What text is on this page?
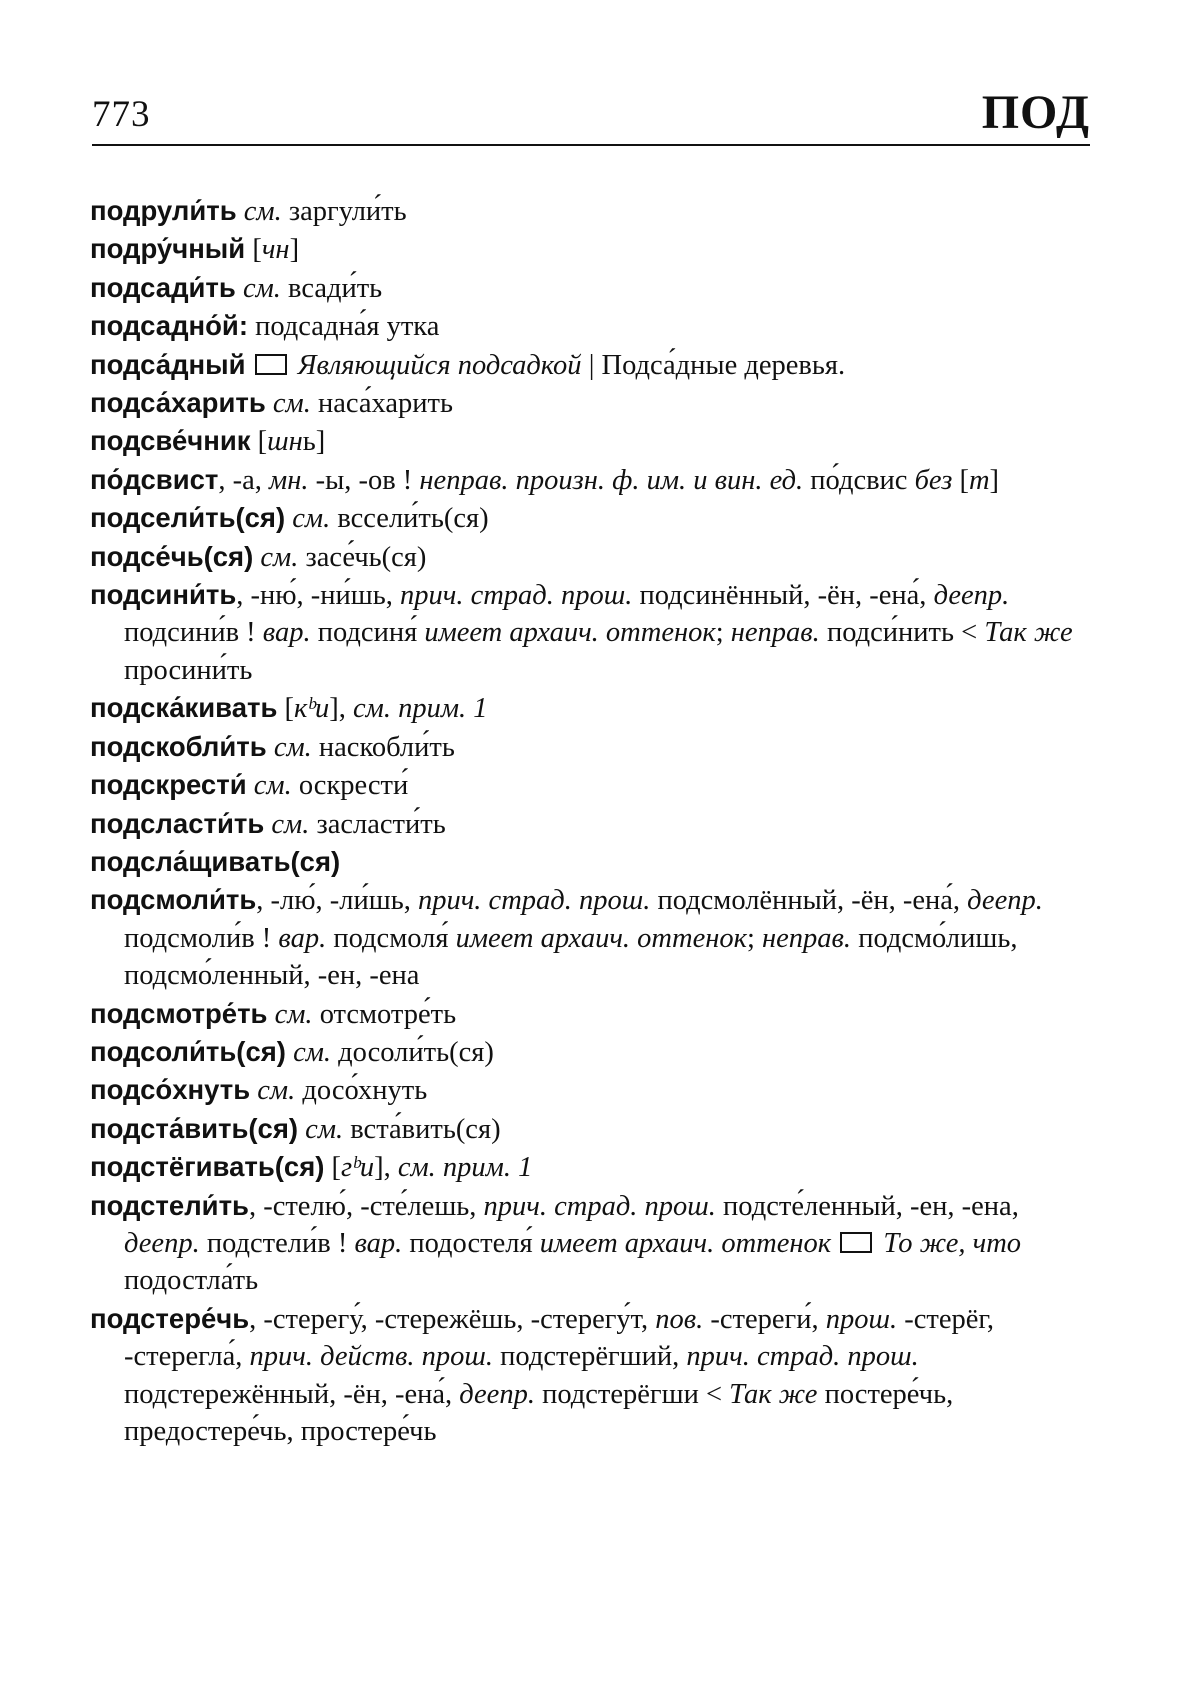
773	ПОД
подрули́ть см. заргули́ть
подру́чный [чн]
подсади́ть см. всади́ть
подсадно́й: подсадна́я утка
подса́дный Являющийся подсадкой | Подса́дные деревья.
подса́харить см. наса́харить
подсве́чник [шнь]
по́дсвист, -а, мн. -ы, -ов ! неправ. произн. ф. им. и вин. ед. по́дсвис без [т]
подсели́ть(ся) см. вссели́ть(ся)
подсе́чь(ся) см. засе́чь(ся)
подсини́ть, -ню́, -ни́шь, прич. страд. прош. подсинённый, -ён, -ена́, деепр. подсини́в ! вар. подсиня́ имеет архаич. оттенок; неправ. подси́нить < Так же просини́ть
подска́кивать [кᵇи], см. прим. 1
подскобли́ть см. наскобли́ть
подскрести́ см. оскрести́
подсласти́ть см. засласти́ть
подсла́щивать(ся)
подсмоли́ть, -лю́, -ли́шь, прич. страд. прош. подсмолённый, -ён, -ена́, деепр. подсмоли́в ! вар. подсмоля́ имеет архаич. оттенок; неправ. подсмо́лишь, подсмо́ленный, -ен, -ена
подсмотре́ть см. отсмотре́ть
подсоли́ть(ся) см. досоли́ть(ся)
подсо́хнуть см. досо́хнуть
подста́вить(ся) см. вста́вить(ся)
подстёгивать(ся) [гᵇи], см. прим. 1
подстели́ть, -стелю́, -сте́лешь, прич. страд. прош. подсте́ленный, -ен, -ена, деепр. подстели́в ! вар. подостеля́ имеет архаич. оттенок То же, что подостла́ть
подстере́чь, -стерегу́, -стережёшь, -стерегу́т, пов. -стереги́, прош. -стерёг, -стерегла́, прич. действ. прош. подстерёгший, прич. страд. прош. подстережённый, -ён, -ена́, деепр. подстерёгши < Так же постере́чь, предостере́чь, простере́чь
